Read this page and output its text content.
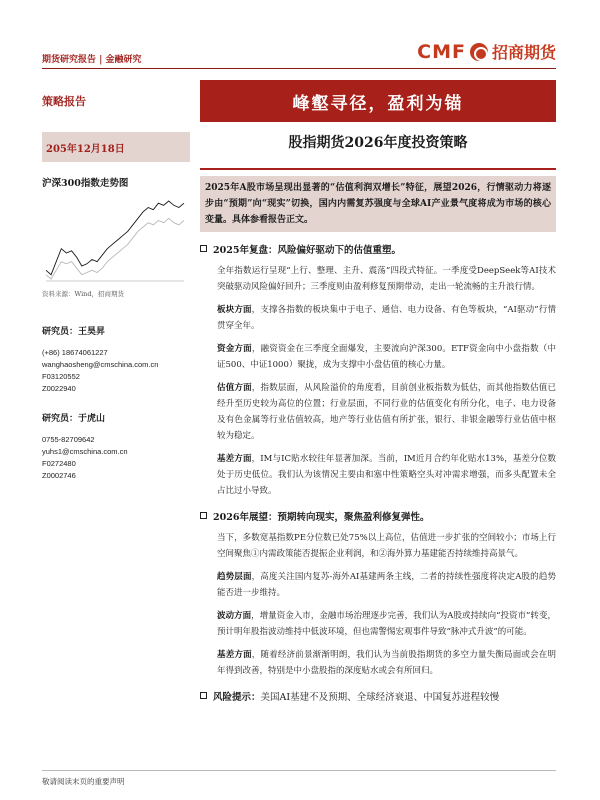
期货研究报告 | 金融研究	CMF 招商期货
策略报告	峰壑寻径，盈利为锚
205年12月18日	股指期货2026年度投资策略
沪深300指数走势图
资料来源：Wind，招商期货
研究员：王昊昇
(+86) 18674061227
wanghaosheng@cmschina.com.cn
F03120552
Z0022940
研究员：于虎山
0755-82709642
yuhs1@cmschina.com.cn
F0272480
Z0002746
2025年A股市场呈现出显著的“估值利润双增长”特征，展望2026，行情驱动力将逐步由“预期”向“现实”切换，国内内需复苏强度与全球AI产业景气度将成为市场的核心变量。具体参看报告正文。
2025年复盘：风险偏好驱动下的估值重塑。

全年指数运行呈现“上行、整理、主升、震荡”四段式特征。一季度受DeepSeek等AI技术突破驱动风险偏好回升；三季度则由盈利修复预期带动，走出一轮流畅的主升浪行情。

板块方面，支撑各指数的板块集中于电子、通信、电力设备、有色等板块，“AI驱动”行情贯穿全年。

资金方面，融资资金在三季度全面爆发，主要流向沪深300。ETF资金向中小盘指数（中证500、中证1000）聚拢，成为支撑中小盘估值的核心力量。

估值方面，指数层面，从风险溢价的角度看，目前创业板指数为低估，而其他指数估值已经升至历史较为高位的位置；行业层面，不同行业的估值变化有所分化，电子、电力设备及有色金属等行业估值较高，地产等行业估值有所扩张，银行、非银金融等行业估值中枢较为稳定。

基差方面，IM与IC贴水较往年显著加深。当前，IM近月合约年化贴水13%，基差分位数处于历史低位。我们认为该情况主要由和塞中性策略空头对冲需求增强，而多头配置未全占比过小导致。

2026年展望：预期转向现实，聚焦盈利修复弹性。

当下，多数宽基指数PE分位数已处75%以上高位，估值进一步扩张的空间较小；市场上行空间聚焦①内需政策能否提振企业利润，和②海外算力基建能否持续维持高景气。

趋势层面，高度关注国内复苏-海外AI基建两条主线，二者的持续性强度将决定A股的趋势能否进一步维持。

波动方面，增量资金入市，金融市场治理逐步完善，我们认为A股或持续向“投资市”转变，预计明年股指波动维持中低波环境，但也需警惕宏观事件导致“脉冲式升波”的可能。

基差方面，随着经济前景渐渐明朗，我们认为当前股指期货的多空力量失衡局面或会在明年得到改善，特别是中小盘股指的深度贴水或会有所回归。

风险提示：美国AI基建不及预期、全球经济衰退、中国复苏进程较慢
敬请阅读末页的重要声明
